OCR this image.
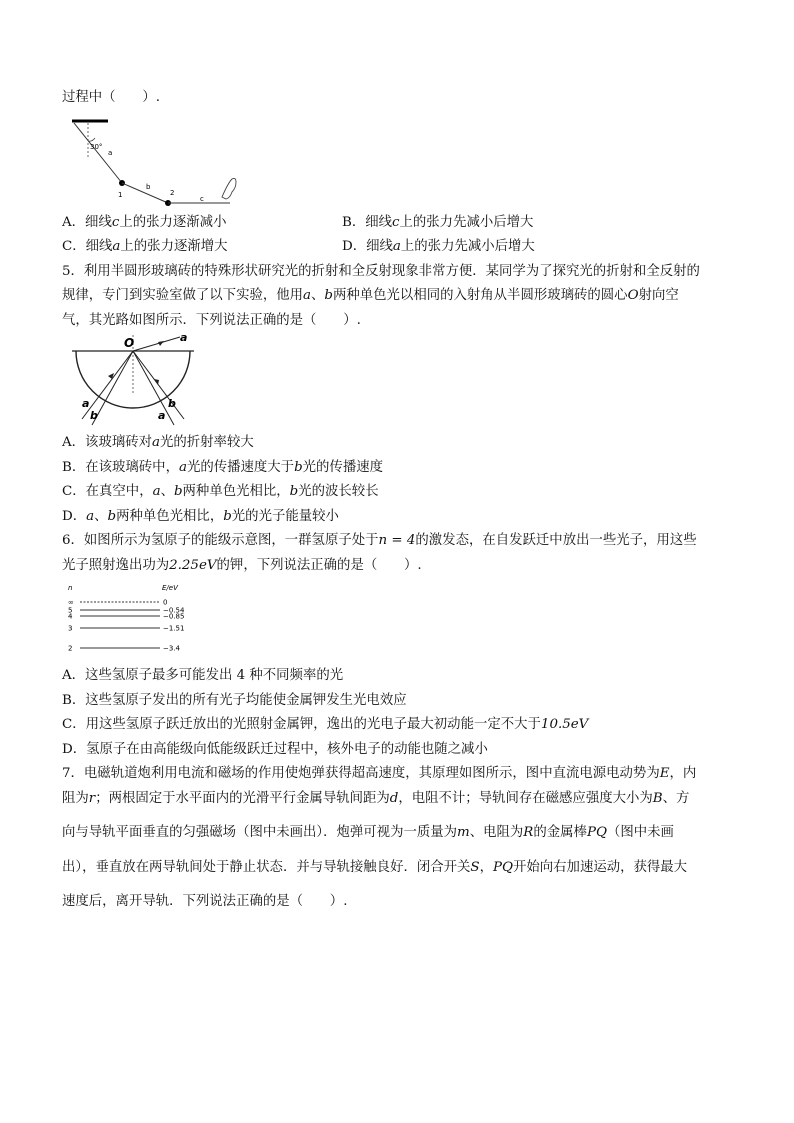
过程中（　　）.
30°
a
1
b
2
c
A．细线c上的张力逐渐减小	B．细线c上的张力先减小后增大
C．细线a上的张力逐渐增大	D．细线a上的张力先减小后增大
5．利用半圆形玻璃砖的特殊形状研究光的折射和全反射现象非常方便．某同学为了探究光的折射和全反射的
规律，专门到实验室做了以下实验，他用a、b两种单色光以相同的入射角从半圆形玻璃砖的圆心O射向空
气，其光路如图所示．下列说法正确的是（　　）.
O	a
a
b
b
a
A．该玻璃砖对a光的折射率较大
B．在该玻璃砖中，a光的传播速度大于b光的传播速度
C．在真空中，a、b两种单色光相比，b光的波长较长
D．a、b两种单色光相比，b光的光子能量较小
6．如图所示为氢原子的能级示意图，一群氢原子处于n = 4的激发态，在自发跃迁中放出一些光子，用这些
光子照射逸出功为2.25eV的钾，下列说法正确的是（　　）.
n	E/eV
∞	0
5	−0.54
4	−0.85
3	−1.51
2	−3.4
A．这些氢原子最多可能发出 4 种不同频率的光
B．这些氢原子发出的所有光子均能使金属钾发生光电效应
C．用这些氢原子跃迁放出的光照射金属钾，逸出的光电子最大初动能一定不大于10.5eV
D．氢原子在由高能级向低能级跃迁过程中，核外电子的动能也随之减小
7．电磁轨道炮利用电流和磁场的作用使炮弹获得超高速度，其原理如图所示，图中直流电源电动势为E，内
阻为r；两根固定于水平面内的光滑平行金属导轨间距为d，电阻不计；导轨间存在磁感应强度大小为B、方
向与导轨平面垂直的匀强磁场（图中未画出）．炮弹可视为一质量为m、电阻为R的金属棒PQ（图中未画
出），垂直放在两导轨间处于静止状态．并与导轨接触良好．闭合开关S，PQ开始向右加速运动，获得最大
速度后，离开导轨．下列说法正确的是（　　）.
